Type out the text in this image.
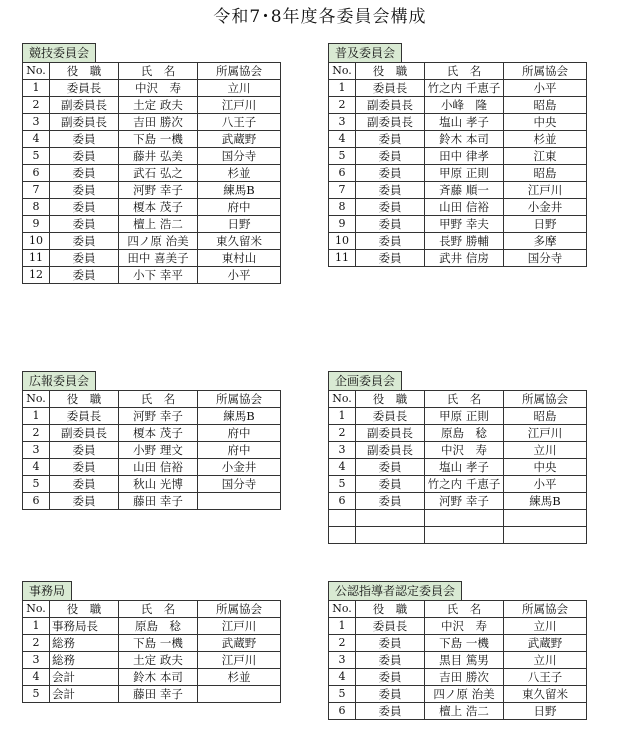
令和7･8年度各委員会構成
競技委員会
No.	役　職	氏　名	所属協会
1	委員長	中沢　寿	立川
2	副委員長	土定 政夫	江戸川
3	副委員長	吉田 勝次	八王子
4	委員	下島 一機	武蔵野
5	委員	藤井 弘美	国分寺
6	委員	武石 弘之	杉並
7	委員	河野 幸子	練馬B
8	委員	榎本 茂子	府中
9	委員	檀上 浩二	日野
10	委員	四ノ原 治美	東久留米
11	委員	田中 喜美子	東村山
12	委員	小下 幸平	小平
普及委員会
No.	役　職	氏　名	所属協会
1	委員長	竹之内 千恵子	小平
2	副委員長	小峰　隆	昭島
3	副委員長	塩山 孝子	中央
4	委員	鈴木 本司	杉並
5	委員	田中 律孝	江東
6	委員	甲原 正則	昭島
7	委員	斉藤 順一	江戸川
8	委員	山田 信裕	小金井
9	委員	甲野 幸夫	日野
10	委員	長野 勝輔	多摩
11	委員	武井 信房	国分寺
広報委員会
No.	役　職	氏　名	所属協会
1	委員長	河野 幸子	練馬B
2	副委員長	榎本 茂子	府中
3	委員	小野 理文	府中
4	委員	山田 信裕	小金井
5	委員	秋山 光博	国分寺
6	委員	藤田 幸子	
企画委員会
No.	役　職	氏　名	所属協会
1	委員長	甲原 正則	昭島
2	副委員長	原島　稔	江戸川
3	副委員長	中沢　寿	立川
4	委員	塩山 孝子	中央
5	委員	竹之内 千恵子	小平
6	委員	河野 幸子	練馬B

事務局
No.	役　職	氏　名	所属協会
1	事務局長	原島　稔	江戸川
2	総務	下島 一機	武蔵野
3	総務	土定 政夫	江戸川
4	会計	鈴木 本司	杉並
5	会計	藤田 幸子	
公認指導者認定委員会
No.	役　職	氏　名	所属協会
1	委員長	中沢　寿	立川
2	委員	下島 一機	武蔵野
3	委員	黒目 篤男	立川
4	委員	吉田 勝次	八王子
5	委員	四ノ原 治美	東久留米
6	委員	檀上 浩二	日野
